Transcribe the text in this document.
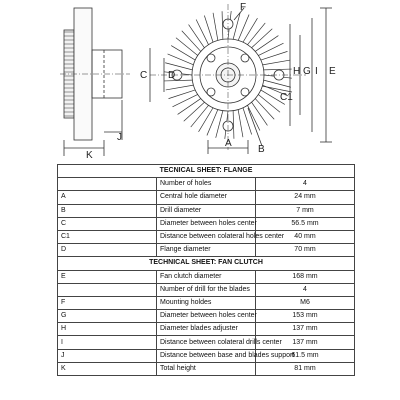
K
J
A
B
C D
C1
F
H G I E
TECNICAL SHEET: FLANGE		
	Number of holes	4
A	Central hole diameter	24 mm
B	Drill diameter	7 mm
C	Diameter between holes center	56.5 mm
C1	Distance between colateral holes center	40 mm
D	Flange diameter	70 mm
TECHNICAL SHEET: FAN CLUTCH		
E	Fan clutch diameter	168 mm
	Number of drill for the blades	4
F	Mounting holdes	M6
G	Diameter between holes center	153 mm
H	Diameter blades adjuster	137 mm
I	Distance between colateral drills center	137 mm
J	Distance between base and blades support	61.5 mm
K	Total height	81 mm
